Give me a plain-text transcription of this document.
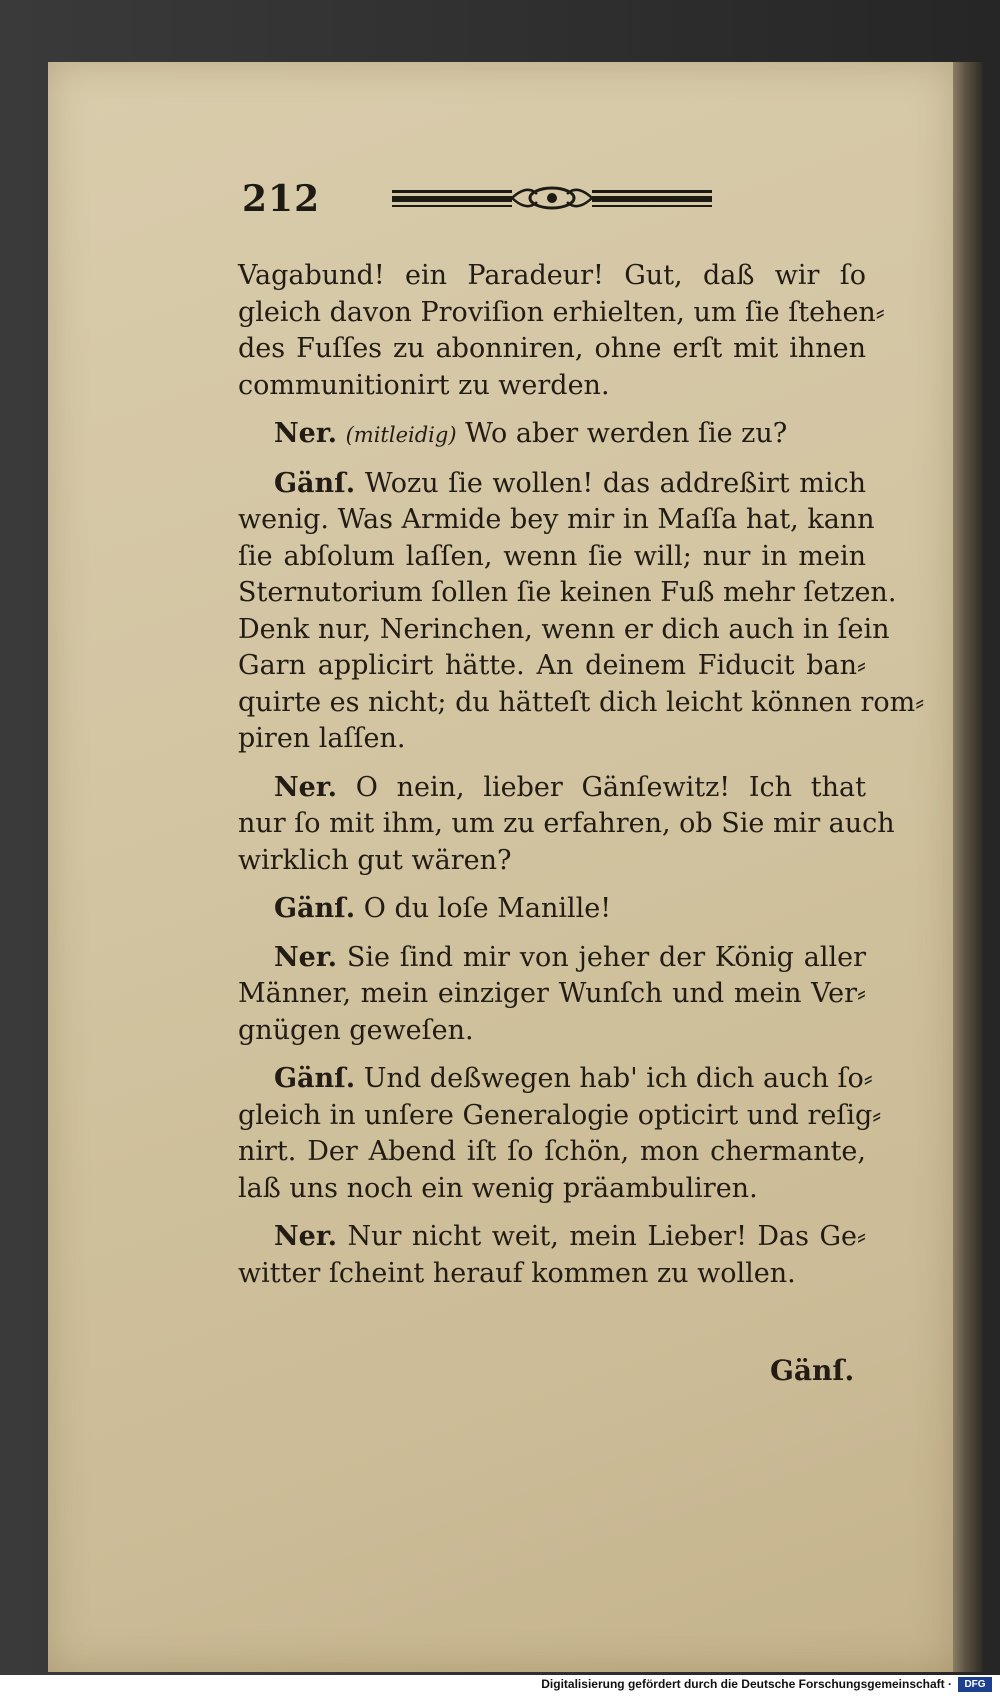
212
Vagabund! ein Paradeur! Gut, daß wir ſo
gleich davon Proviſion erhielten, um ſie ſtehen⸗
des Fuſſes zu abonniren, ohne erſt mit ihnen
communitionirt zu werden.
Ner. (mitleidig) Wo aber werden ſie zu?
Gänſ. Wozu ſie wollen! das addreßirt mich
wenig. Was Armide bey mir in Maſſa hat, kann
ſie abſolum laſſen, wenn ſie will; nur in mein
Sternutorium ſollen ſie keinen Fuß mehr ſetzen.
Denk nur, Nerinchen, wenn er dich auch in ſein
Garn applicirt hätte. An deinem Fiducit ban⸗
quirte es nicht; du hätteſt dich leicht können rom⸗
piren laſſen.
Ner. O nein, lieber Gänſewitz! Ich that
nur ſo mit ihm, um zu erfahren, ob Sie mir auch
wirklich gut wären?
Gänſ. O du loſe Manille!
Ner. Sie ſind mir von jeher der König aller
Männer, mein einziger Wunſch und mein Ver⸗
gnügen geweſen.
Gänſ. Und deßwegen hab' ich dich auch ſo⸗
gleich in unſere Generalogie opticirt und reſig⸗
nirt. Der Abend iſt ſo ſchön, mon chermante,
laß uns noch ein wenig präambuliren.
Ner. Nur nicht weit, mein Lieber! Das Ge⸗
witter ſcheint herauf kommen zu wollen.
Gänſ.
Digitalisierung gefördert durch die Deutsche Forschungsgemeinschaft ·	DFG
